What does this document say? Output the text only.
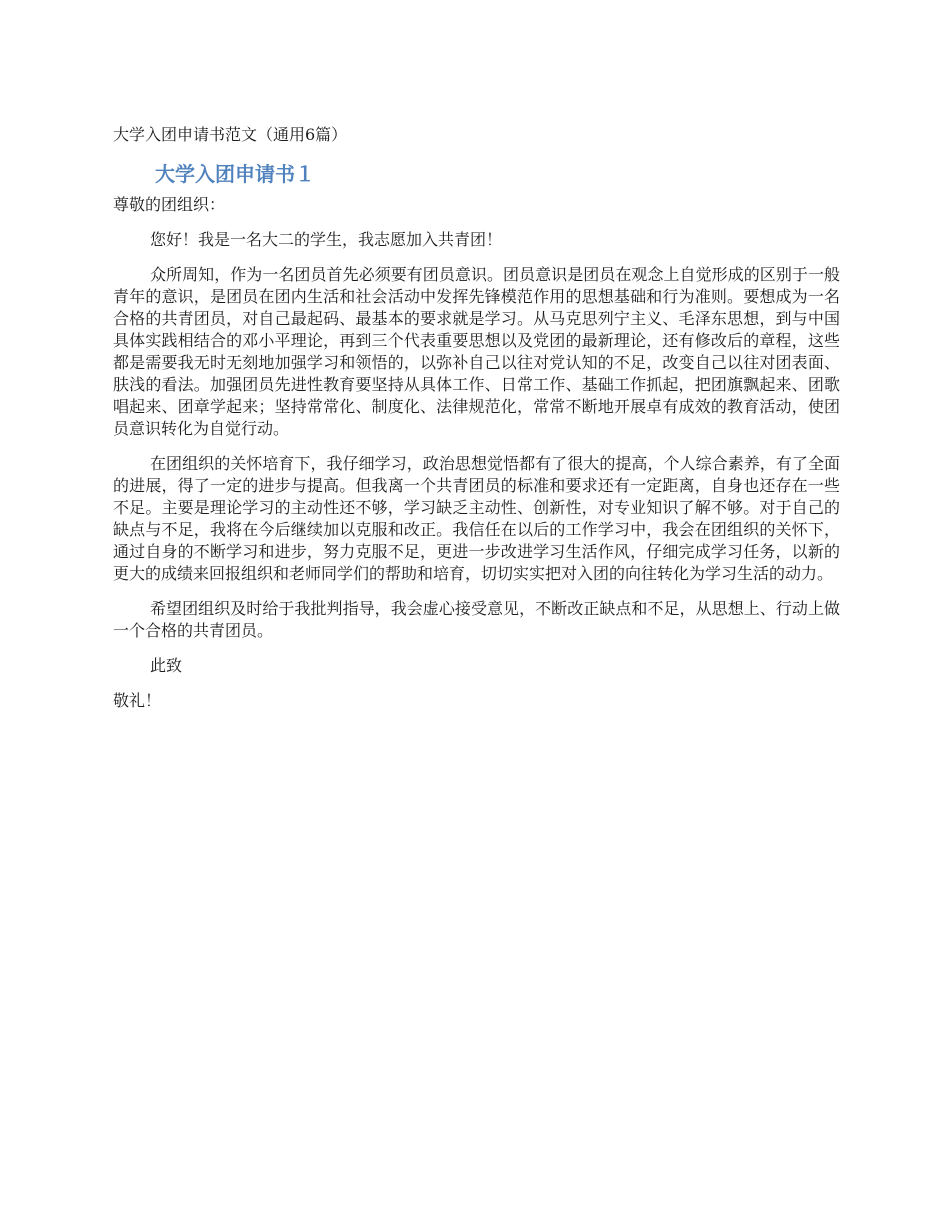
大学入团申请书范文（通用6篇）

大学入团申请书１

尊敬的团组织：

您好！我是一名大二的学生，我志愿加入共青团！

众所周知，作为一名团员首先必须要有团员意识。团员意识是团员在观念上自觉形成的区别于一般青年的意识，是团员在团内生活和社会活动中发挥先锋模范作用的思想基础和行为准则。要想成为一名合格的共青团员，对自己最起码、最基本的要求就是学习。从马克思列宁主义、毛泽东思想，到与中国具体实践相结合的邓小平理论，再到三个代表重要思想以及党团的最新理论，还有修改后的章程，这些都是需要我无时无刻地加强学习和领悟的，以弥补自己以往对党认知的不足，改变自己以往对团表面、肤浅的看法。加强团员先进性教育要坚持从具体工作、日常工作、基础工作抓起，把团旗飘起来、团歌唱起来、团章学起来；坚持常常化、制度化、法律规范化，常常不断地开展卓有成效的教育活动，使团员意识转化为自觉行动。

在团组织的关怀培育下，我仔细学习，政治思想觉悟都有了很大的提高，个人综合素养，有了全面的进展，得了一定的进步与提高。但我离一个共青团员的标准和要求还有一定距离，自身也还存在一些不足。主要是理论学习的主动性还不够，学习缺乏主动性、创新性，对专业知识了解不够。对于自己的缺点与不足，我将在今后继续加以克服和改正。我信任在以后的工作学习中，我会在团组织的关怀下，通过自身的不断学习和进步，努力克服不足，更进一步改进学习生活作风，仔细完成学习任务，以新的更大的成绩来回报组织和老师同学们的帮助和培育，切切实实把对入团的向往转化为学习生活的动力。

希望团组织及时给于我批判指导，我会虚心接受意见，不断改正缺点和不足，从思想上、行动上做一个合格的共青团员。

此致

敬礼！
